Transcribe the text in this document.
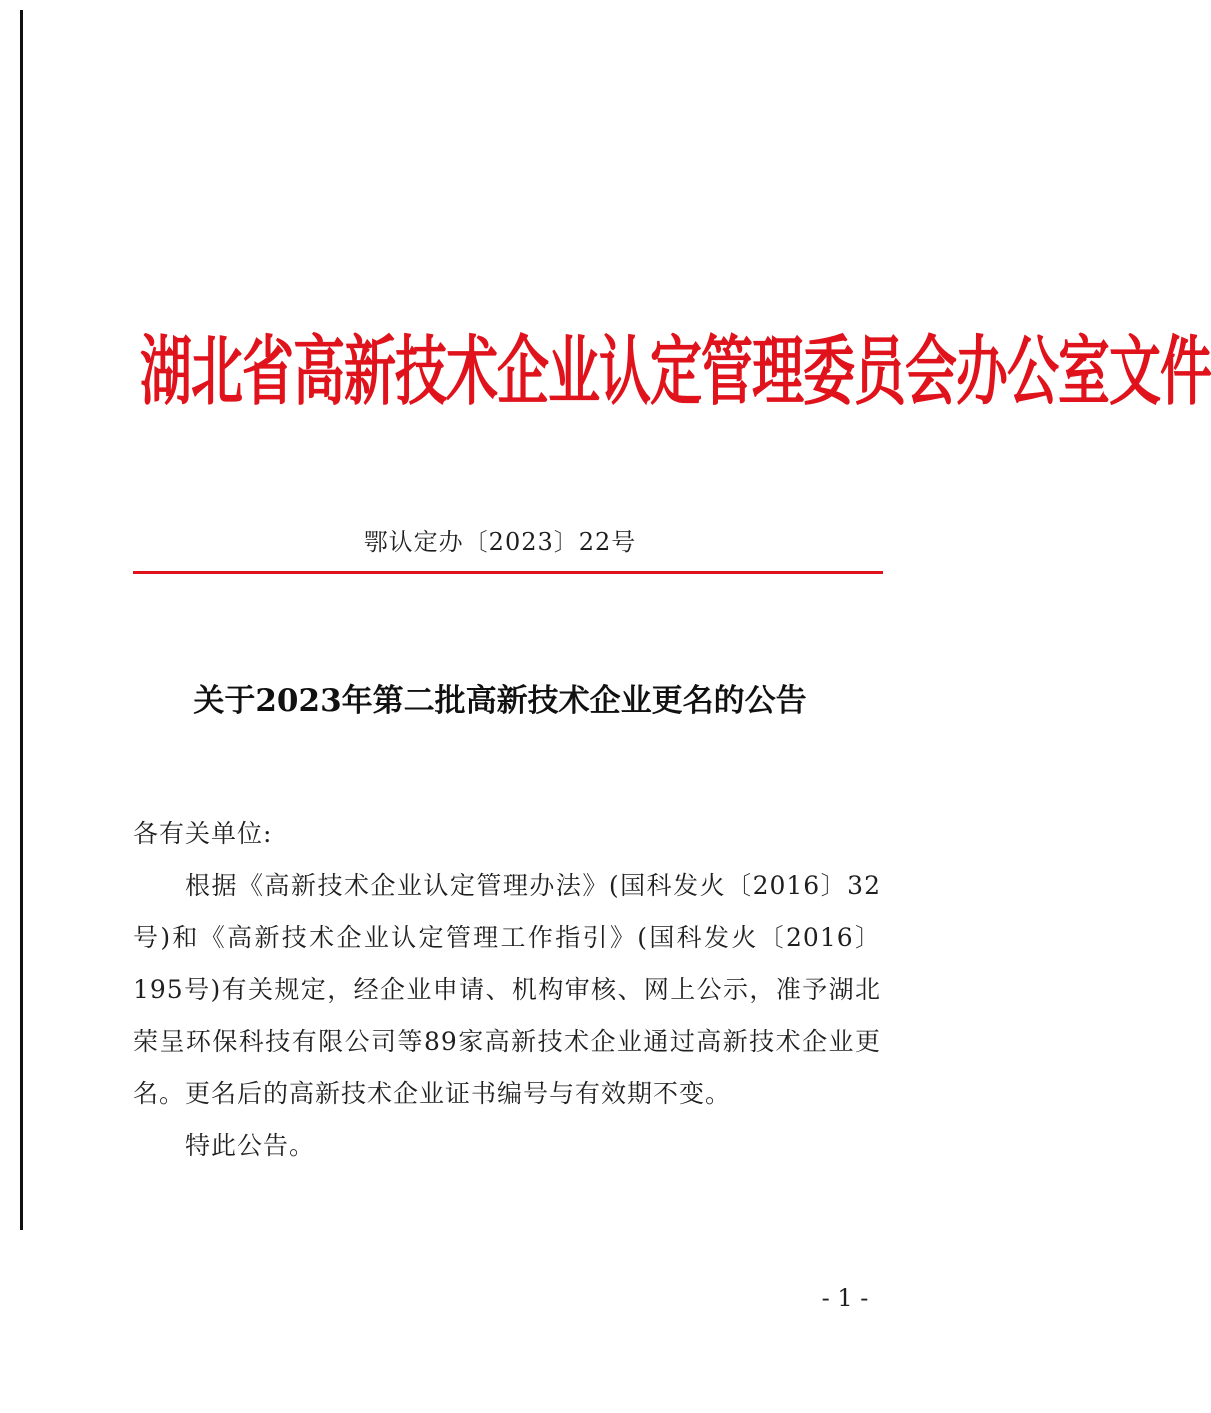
湖北省高新技术企业认定管理委员会办公室文件
鄂认定办〔2023〕22号
关于2023年第二批高新技术企业更名的公告

各有关单位:

根据《高新技术企业认定管理办法》(国科发火〔2016〕32号)和《高新技术企业认定管理工作指引》(国科发火〔2016〕195号)有关规定，经企业申请、机构审核、网上公示，准予湖北荣呈环保科技有限公司等89家高新技术企业通过高新技术企业更名。更名后的高新技术企业证书编号与有效期不变。

特此公告。

- 1 -
